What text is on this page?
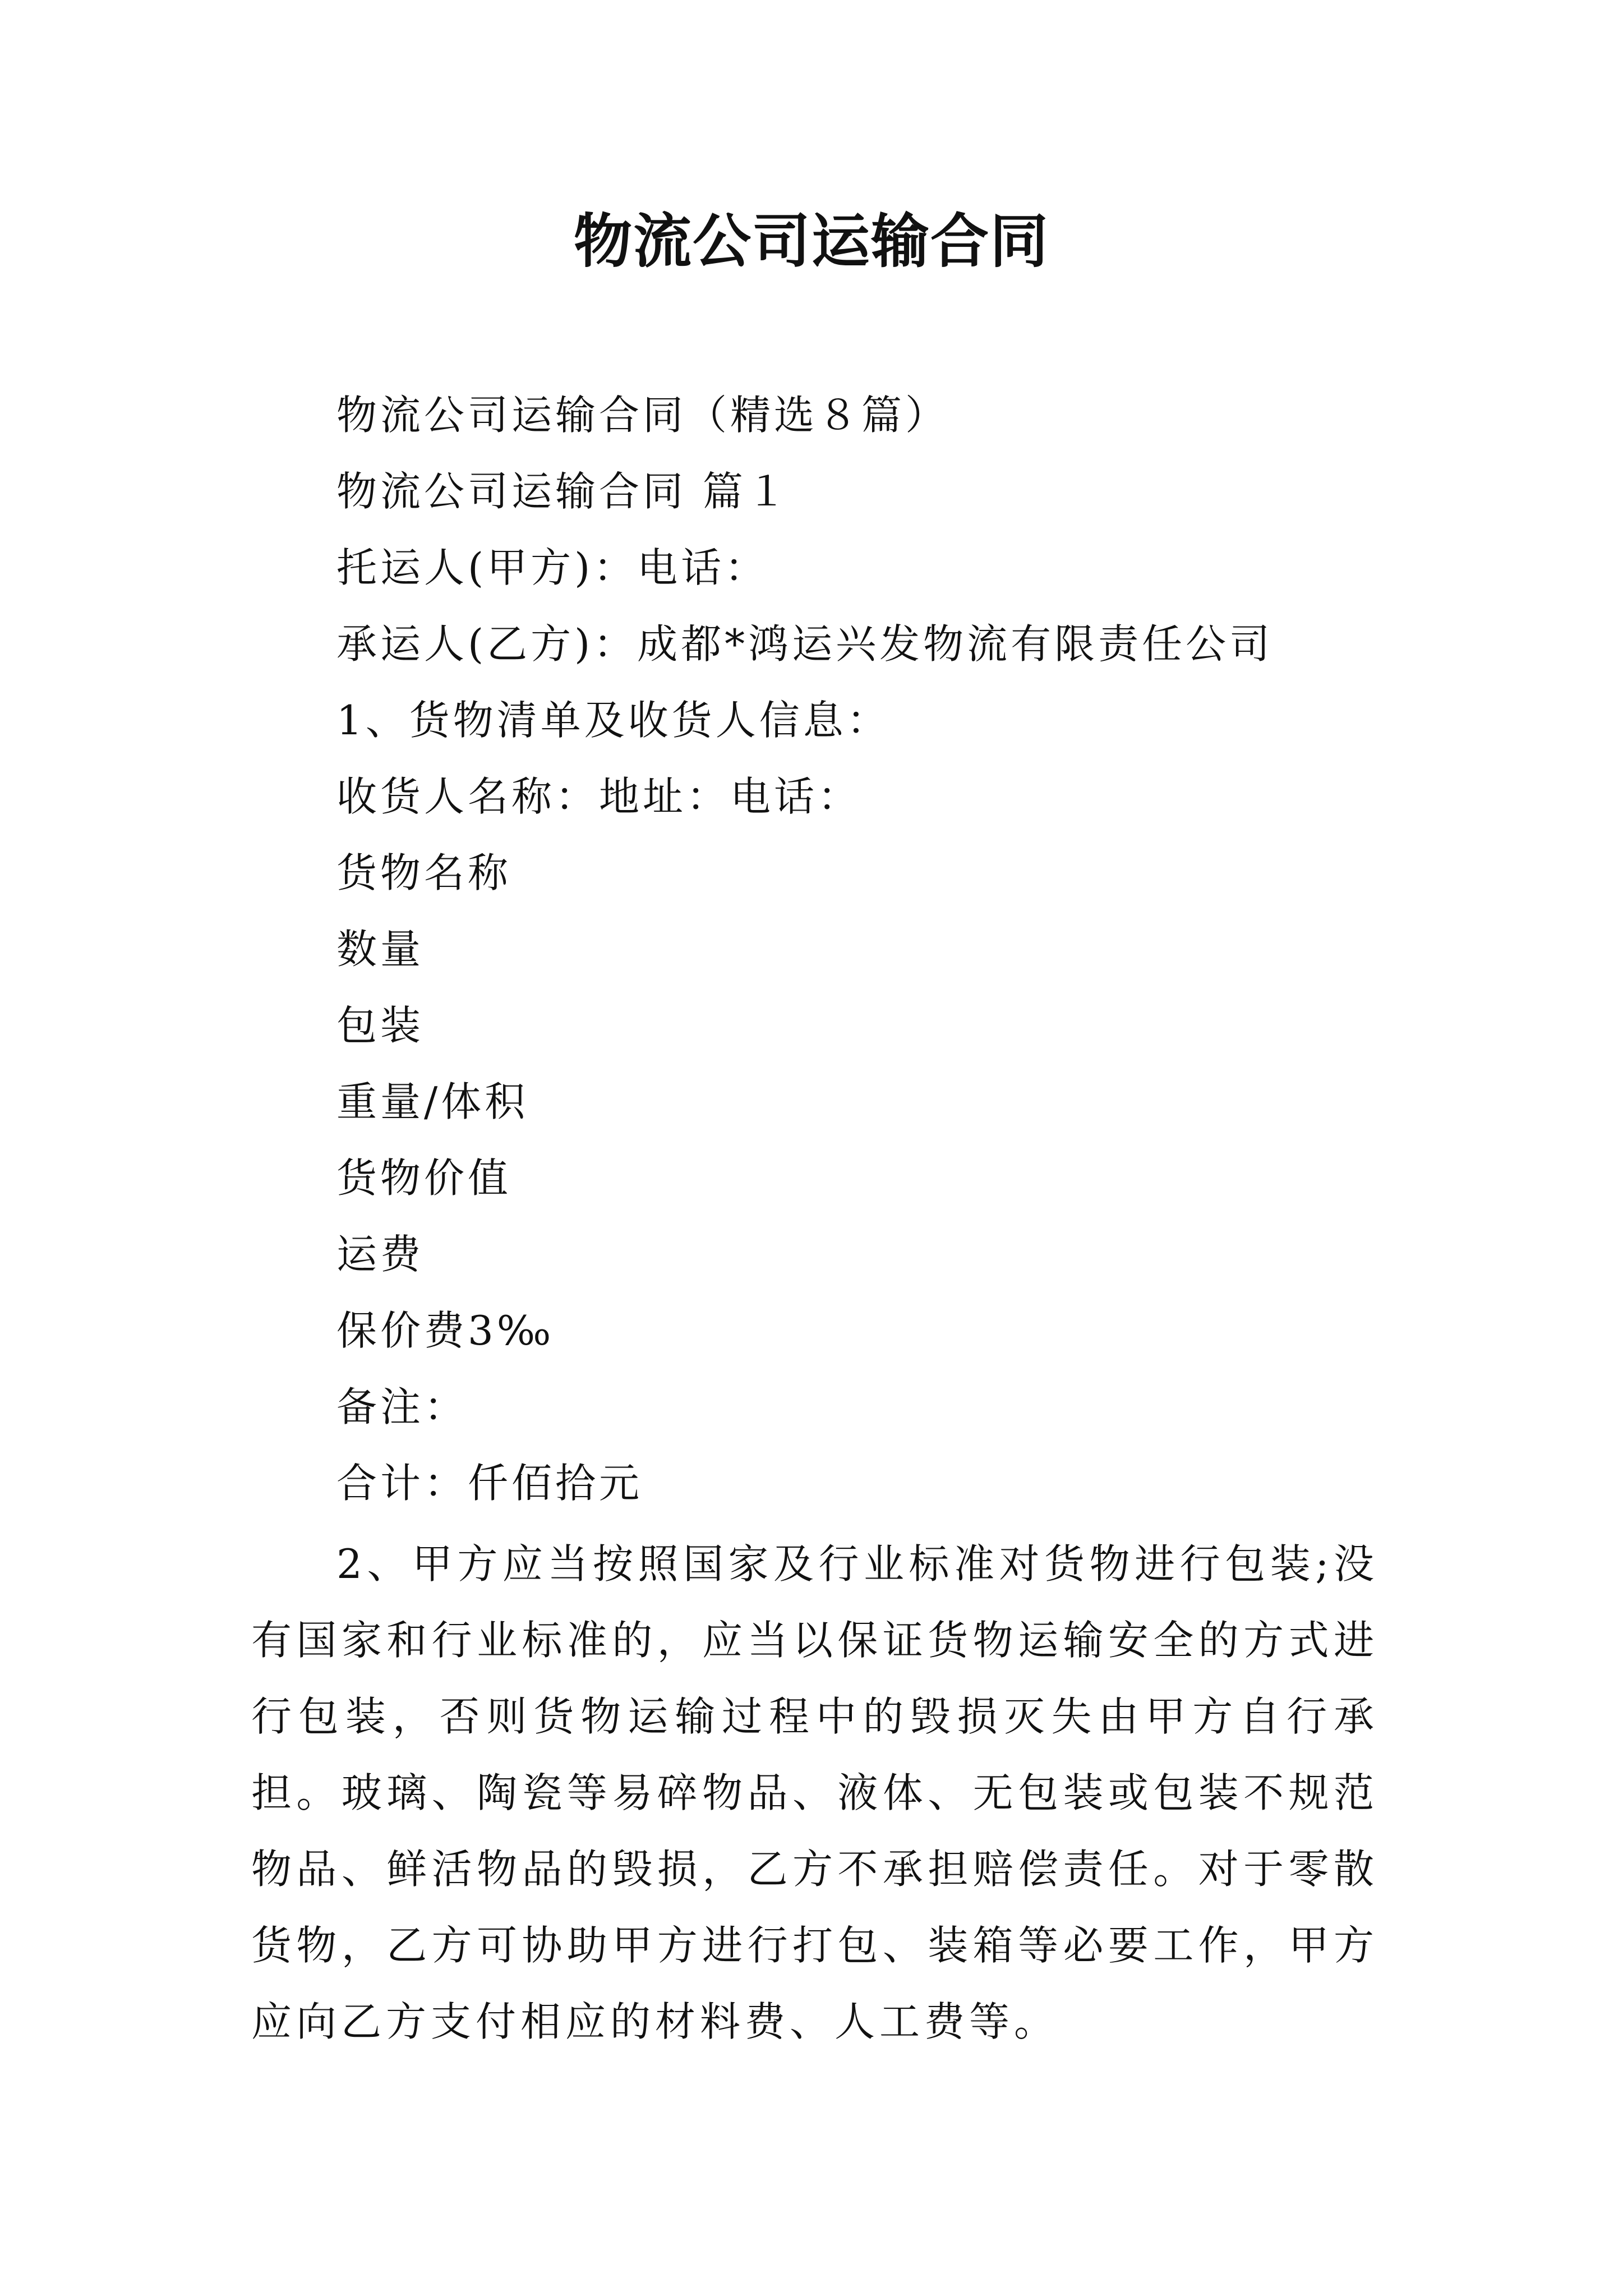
物流公司运输合同
物流公司运输合同（精选８篇）
物流公司运输合同 篇１
托运人(甲方)：电话：
承运人(乙方)：成都*鸿运兴发物流有限责任公司
1、货物清单及收货人信息：
收货人名称：地址：电话：
货物名称
数量
包装
重量/体积
货物价值
运费
保价费3‰
备注：
合计：仟佰拾元
2、甲方应当按照国家及行业标准对货物进行包装;没有国家和行业标准的，应当以保证货物运输安全的方式进行包装，否则货物运输过程中的毁损灭失由甲方自行承担。玻璃、陶瓷等易碎物品、液体、无包装或包装不规范物品、鲜活物品的毁损，乙方不承担赔偿责任。对于零散货物，乙方可协助甲方进行打包、装箱等必要工作，甲方应向乙方支付相应的材料费、人工费等。
